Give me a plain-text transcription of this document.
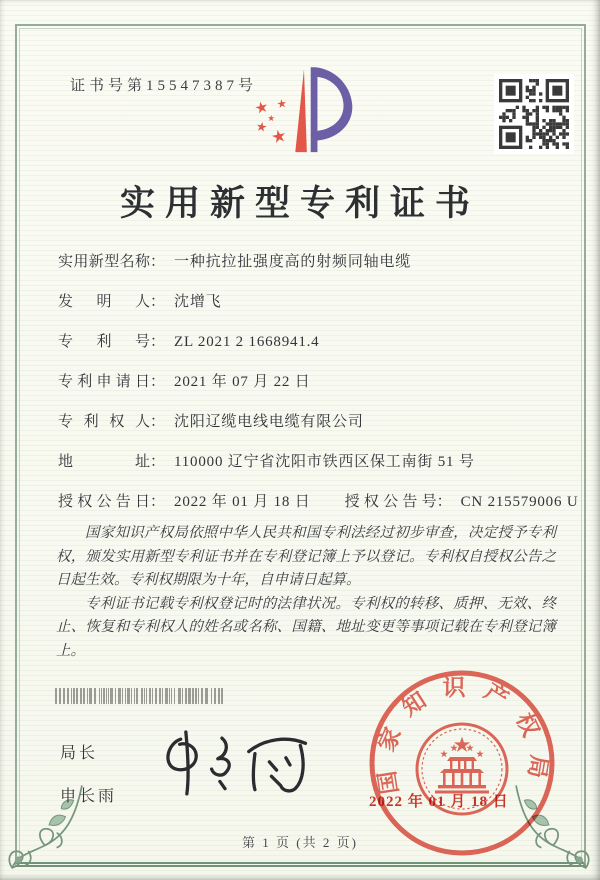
证书号第15547387号
实用新型专利证书
实用新型名称： 一种抗拉扯强度高的射频同轴电缆
发明人： 沈增飞
专利号： ZL 2021 2 1668941.4
专利申请日： 2021 年 07 月 22 日
专利权人： 沈阳辽缆电线电缆有限公司
地址： 110000 辽宁省沈阳市铁西区保工南街 51 号
授权公告日： 2022 年 01 月 18 日 授权公告号： CN 215579006 U

国家知识产权局依照中华人民共和国专利法经过初步审查，决定授予专利权，颁发实用新型专利证书并在专利登记簿上予以登记。专利权自授权公告之日起生效。专利权期限为十年，自申请日起算。

专利证书记载专利权登记时的法律状况。专利权的转移、质押、无效、终止、恢复和专利权人的姓名或名称、国籍、地址变更等事项记载在专利登记簿上。

局长
申长雨
国家知识产权局
2022 年 01 月 18 日
第 1 页 (共 2 页)
